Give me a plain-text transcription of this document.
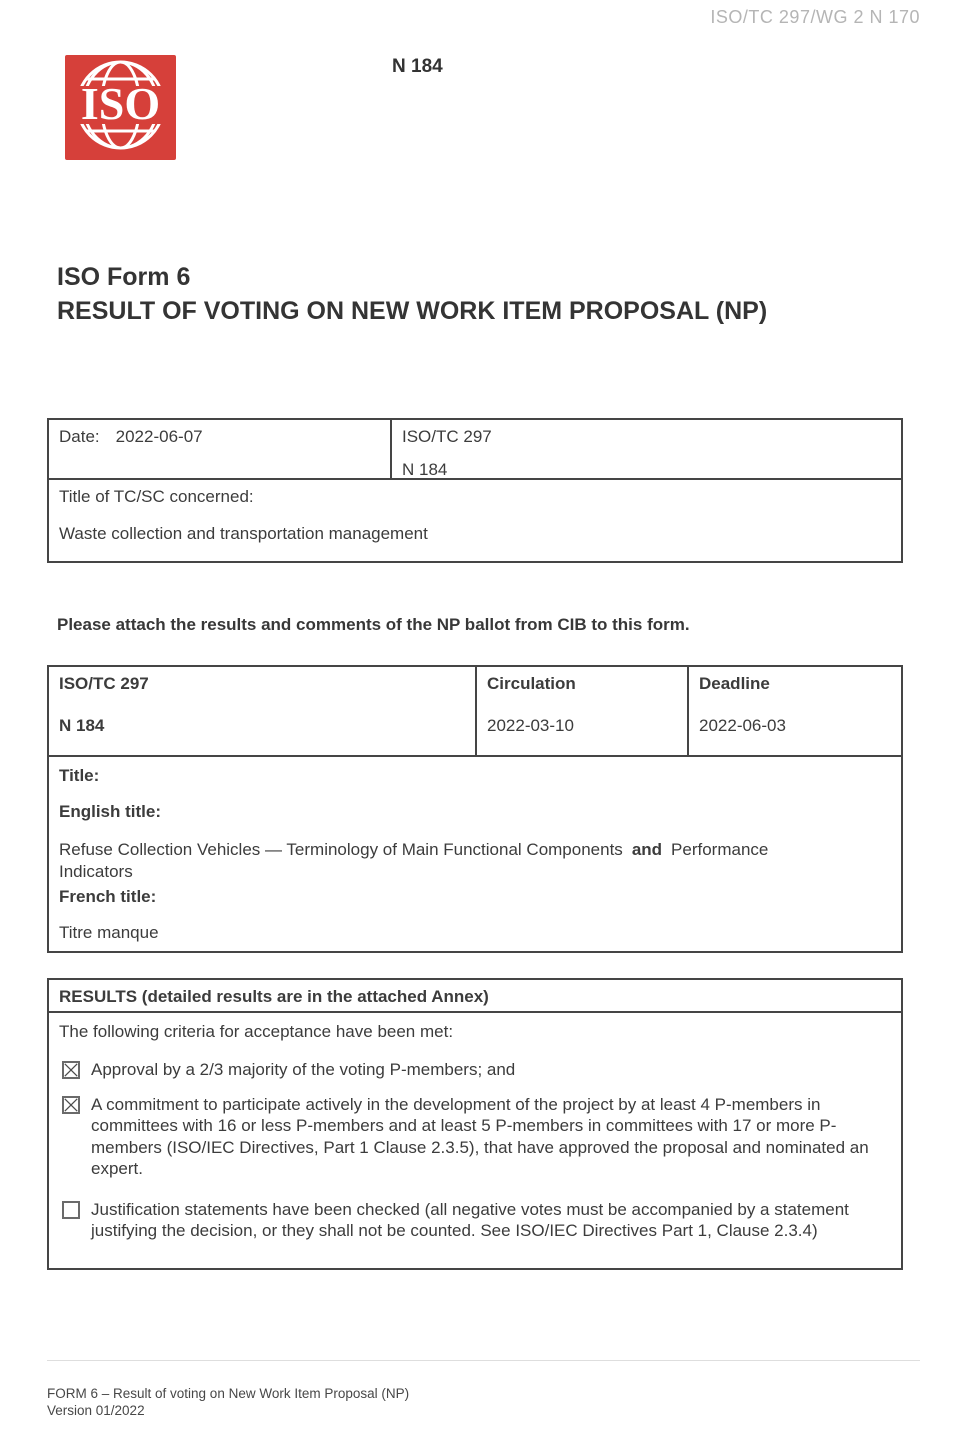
ISO/TC 297/WG 2 N 170
ISO
N 184
ISO Form 6
RESULT OF VOTING ON NEW WORK ITEM PROPOSAL (NP)
Date: 2022-06-07	ISO/TC 297
N 184
Title of TC/SC concerned:
Waste collection and transportation management
Please attach the results and comments of the NP ballot from CIB to this form.
ISO/TC 297
N 184
Circulation
2022-03-10
Deadline
2022-06-03
Title:
English title:
Refuse Collection Vehicles — Terminology of Main Functional Components and Performance
Indicators
French title:
Titre manque
RESULTS (detailed results are in the attached Annex)
The following criteria for acceptance have been met:
Approval by a 2/3 majority of the voting P-members; and
A commitment to participate actively in the development of the project by at least 4 P-members in committees with 16 or less P-members and at least 5 P-members in committees with 17 or more P-members (ISO/IEC Directives, Part 1 Clause 2.3.5), that have approved the proposal and nominated an expert.
Justification statements have been checked (all negative votes must be accompanied by a statement justifying the decision, or they shall not be counted. See ISO/IEC Directives Part 1, Clause 2.3.4)
FORM 6 – Result of voting on New Work Item Proposal (NP)
Version 01/2022
